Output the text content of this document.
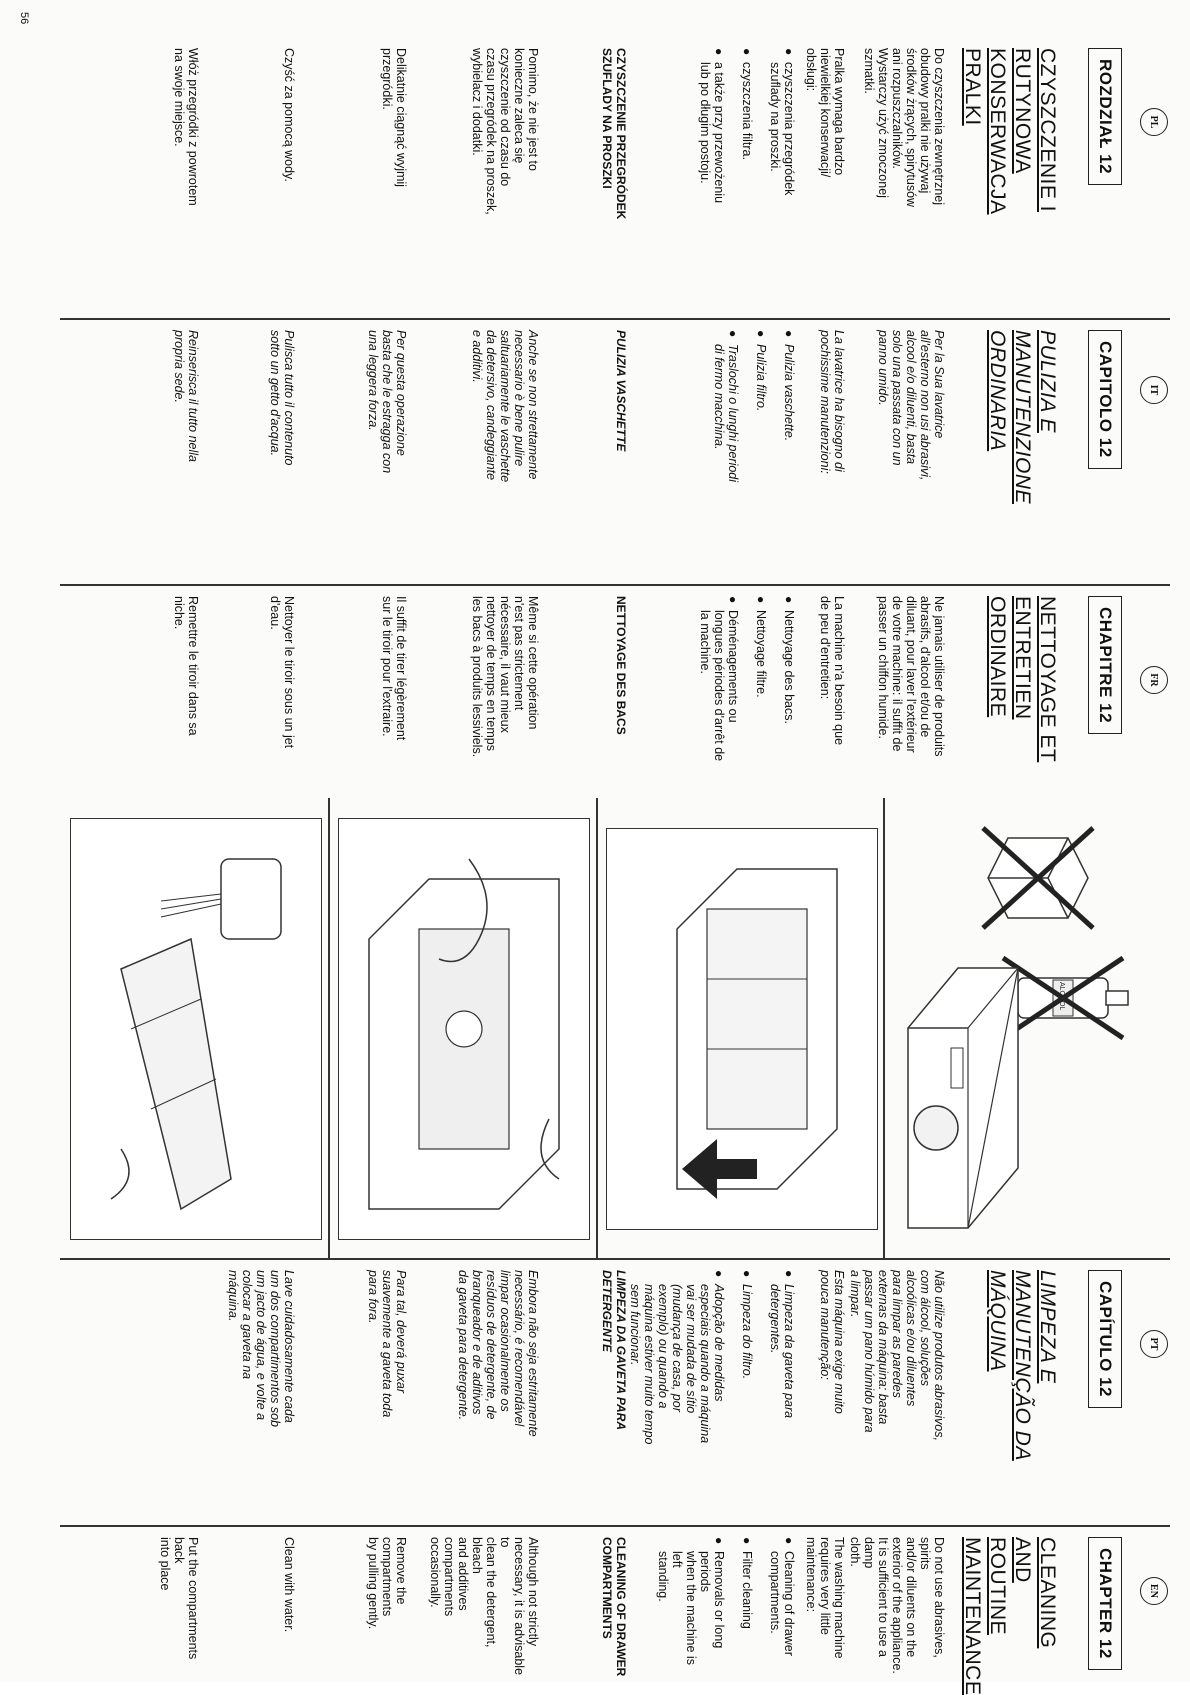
PL
ROZDZIAŁ 12
CZYSZCZENIE I
RUTYNOWA
KONSERWACJA
PRALKI
Do czyszczenia zewnętrznej
obudowy pralki nie używaj
środków żrących, spirytusów
ani rozpuszczalników.
Wystarczy użyć zmoczonej
szmatki.
Pralka wymaga bardzo
niewielkiej konserwacji/
obsługi:
● czyszczenia przegródek
szuflady na proszki.
● czyszczenia filtra.
● a także przy przewożeniu
lub po długim postoju.
CZYSZCZENIE PRZEGRÓDEK
SZUFLADY NA PROSZKI
Pomimo, że nie jest to
konieczne zaleca się
czyszczenie od czasu do
czasu przegródek na proszek,
wybielacz i dodatki.
Delikatnie ciągnąć wyjmij
przegródki.
Czyść za pomocą wody.
Włóż przegródki z powrotem
na swoje miejsce.
IT
CAPITOLO 12
PULIZIA E
MANUTENZIONE
ORDINARIA
Per la Sua lavatrice
all'esterno non usi abrasivi,
alcool e/o diluenti, basta
solo una passata con un
panno umido.
La lavatrice ha bisogno di
pochissime manutenzioni:
● Pulizia vaschette.
● Pulizia filtro.
● Traslochi o lunghi periodi
di fermo macchina.
PULIZIA VASCHETTE
Anche se non strettamente
necessario è bene pulire
saltuariamente le vaschette
da detersivo, candeggiante
e additivi.
Per questa operazione
basta che le estragga con
una leggera forza.
Pulisca tutto il contenuto
sotto un getto d'acqua.
Reinserisca il tutto nella
propria sede.
ALCOOL
FR
CHAPITRE 12
NETTOYAGE ET
ENTRETIEN
ORDINAIRE
Ne jamais utiliser de produits
abrasifs, d'alcool et/ou de
diluant, pour laver l'extérieur
de votre machine: il suffit de
passer un chiffon humide.
La machine n'a besoin que
de peu d'entretien:
● Nettoyage des bacs.
● Nettoyage filtre.
● Déménagements ou
longues périodes d'arrêt de
la machine.
NETTOYAGE DES BACS
Même si cette opération
n'est pas strictement
nécessaire, il vaut mieux
nettoyer de temps en temps
les bacs à produits lessiviels.
Il suffit de tirer légèrement
sur le tiroir pour l'extraire.
Nettoyer le tiroir sous un jet
d'eau.
Remettre le tiroir dans sa
niche.
PT
CAPÍTULO 12
LIMPEZA E
MANUTENÇÃO DA
MÁQUINA
Não utilize produtos abrasivos,
com álcool, soluções
alcoólicas e/ou diluentes
para limpar as paredes
externas da máquina: basta
passar um pano húmido para
a limpar.
Esta máquina exige muito
pouca manutenção:
● Limpeza da gaveta para
detergentes.
● Limpeza do filtro.
● Adopção de medidas
especiais quando a máquina
vai ser mudada de sítio
(mudança de casa, por
exemplo) ou quando a
máquina estiver muito tempo
sem funcionar.
LIMPEZA DA GAVETA PARA
DETERGENTE
Embora não seja estritamente
necessário, é recomendável
limpar ocasionalmente os
resíduos de detergente, de
branqueador e de aditivos
da gaveta para detergente.
Para tal, deverá puxar
suavemente a gaveta toda
para fora.
Lave cuidadosamente cada
um dos compartimentos sob
um jacto de água, e volte a
colocar a gaveta na
máquina.
EN
CHAPTER 12
CLEANING AND
ROUTINE
MAINTENANCE
Do not use abrasives, spirits
and/or diluents on the
exterior of the appliance.
It is sufficient to use a damp
cloth.
The washing machine
requires very little
maintenance:
● Cleaning of drawer
compartments.
● Filter cleaning
● Removals or long periods
when the machine is left
standing.
CLEANING OF DRAWER
COMPARTMENTS
Although not strictly
necessary, it is advisable to
clean the detergent, bleach
and additives compartments
occasionally.
Remove the compartments
by pulling gently.
Clean with water.
Put the compartments back
into place
56
